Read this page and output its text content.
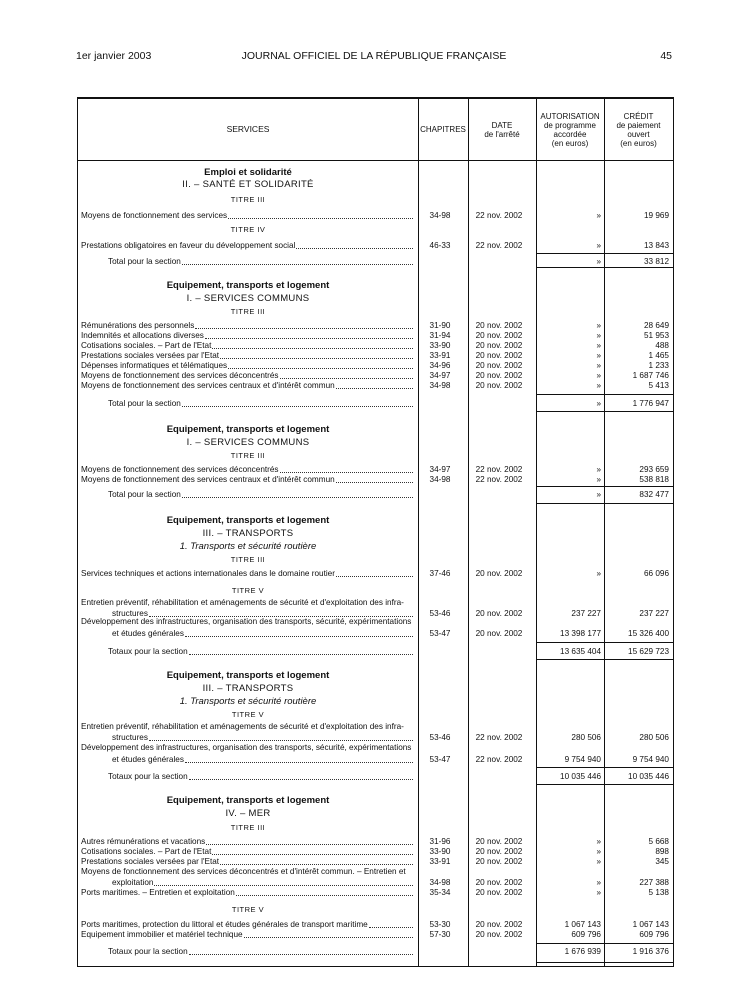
1er janvier 2003	JOURNAL OFFICIEL DE LA RÉPUBLIQUE FRANÇAISE	45
SERVICES	CHAPITRES	DATE
de l'arrêté
AUTORISATION
de programme
accordée
(en euros)
CRÉDIT
de paiement
ouvert
(en euros)
Emploi et solidarité
II. – SANTÉ ET SOLIDARITÉ
TITRE III
Moyens de fonctionnement des services	34-98	22 nov. 2002	»	19 969
TITRE IV
Prestations obligatoires en faveur du développement social	46-33	22 nov. 2002	»	13 843
Total pour la section	»	33 812
Equipement, transports et logement
I. – SERVICES COMMUNS
TITRE III
Rémunérations des personnels	31-90	20 nov. 2002	»	28 649
Indemnités et allocations diverses	31-94	20 nov. 2002	»	51 953
Cotisations sociales. – Part de l'Etat	33-90	20 nov. 2002	»	488
Prestations sociales versées par l'Etat	33-91	20 nov. 2002	»	1 465
Dépenses informatiques et télématiques	34-96	20 nov. 2002	»	1 233
Moyens de fonctionnement des services déconcentrés	34-97	20 nov. 2002	»	1 687 746
Moyens de fonctionnement des services centraux et d'intérêt commun	34-98	20 nov. 2002	»	5 413
Total pour la section	»	1 776 947
Equipement, transports et logement
I. – SERVICES COMMUNS
TITRE III
Moyens de fonctionnement des services déconcentrés	34-97	22 nov. 2002	»	293 659
Moyens de fonctionnement des services centraux et d'intérêt commun	34-98	22 nov. 2002	»	538 818
Total pour la section	»	832 477
Equipement, transports et logement
III. – TRANSPORTS
1. Transports et sécurité routière
TITRE III
Services techniques et actions internationales dans le domaine routier	37-46	20 nov. 2002	»	66 096
TITRE V
Entretien préventif, réhabilitation et aménagements de sécurité et d'exploitation des infra-
structures	53-46	20 nov. 2002	237 227	237 227
Développement des infrastructures, organisation des transports, sécurité, expérimentations
et études générales	53-47	20 nov. 2002	13 398 177	15 326 400
Totaux pour la section	13 635 404	15 629 723
Equipement, transports et logement
III. – TRANSPORTS
1. Transports et sécurité routière
TITRE V
Entretien préventif, réhabilitation et aménagements de sécurité et d'exploitation des infra-
structures	53-46	22 nov. 2002	280 506	280 506
Développement des infrastructures, organisation des transports, sécurité, expérimentations
et études générales	53-47	22 nov. 2002	9 754 940	9 754 940
Totaux pour la section	10 035 446	10 035 446
Equipement, transports et logement
IV. – MER
TITRE III
Autres rémunérations et vacations	31-96	20 nov. 2002	»	5 668
Cotisations sociales. – Part de l'Etat	33-90	20 nov. 2002	»	898
Prestations sociales versées par l'Etat	33-91	20 nov. 2002	»	345
Moyens de fonctionnement des services déconcentrés et d'intérêt commun. – Entretien et
exploitation	34-98	20 nov. 2002	»	227 388
Ports maritimes. – Entretien et exploitation	35-34	20 nov. 2002	»	5 138
TITRE V
Ports maritimes, protection du littoral et études générales de transport maritime	53-30	20 nov. 2002	1 067 143	1 067 143
Equipement immobilier et matériel technique	57-30	20 nov. 2002	609 796	609 796
Totaux pour la section	1 676 939	1 916 376
